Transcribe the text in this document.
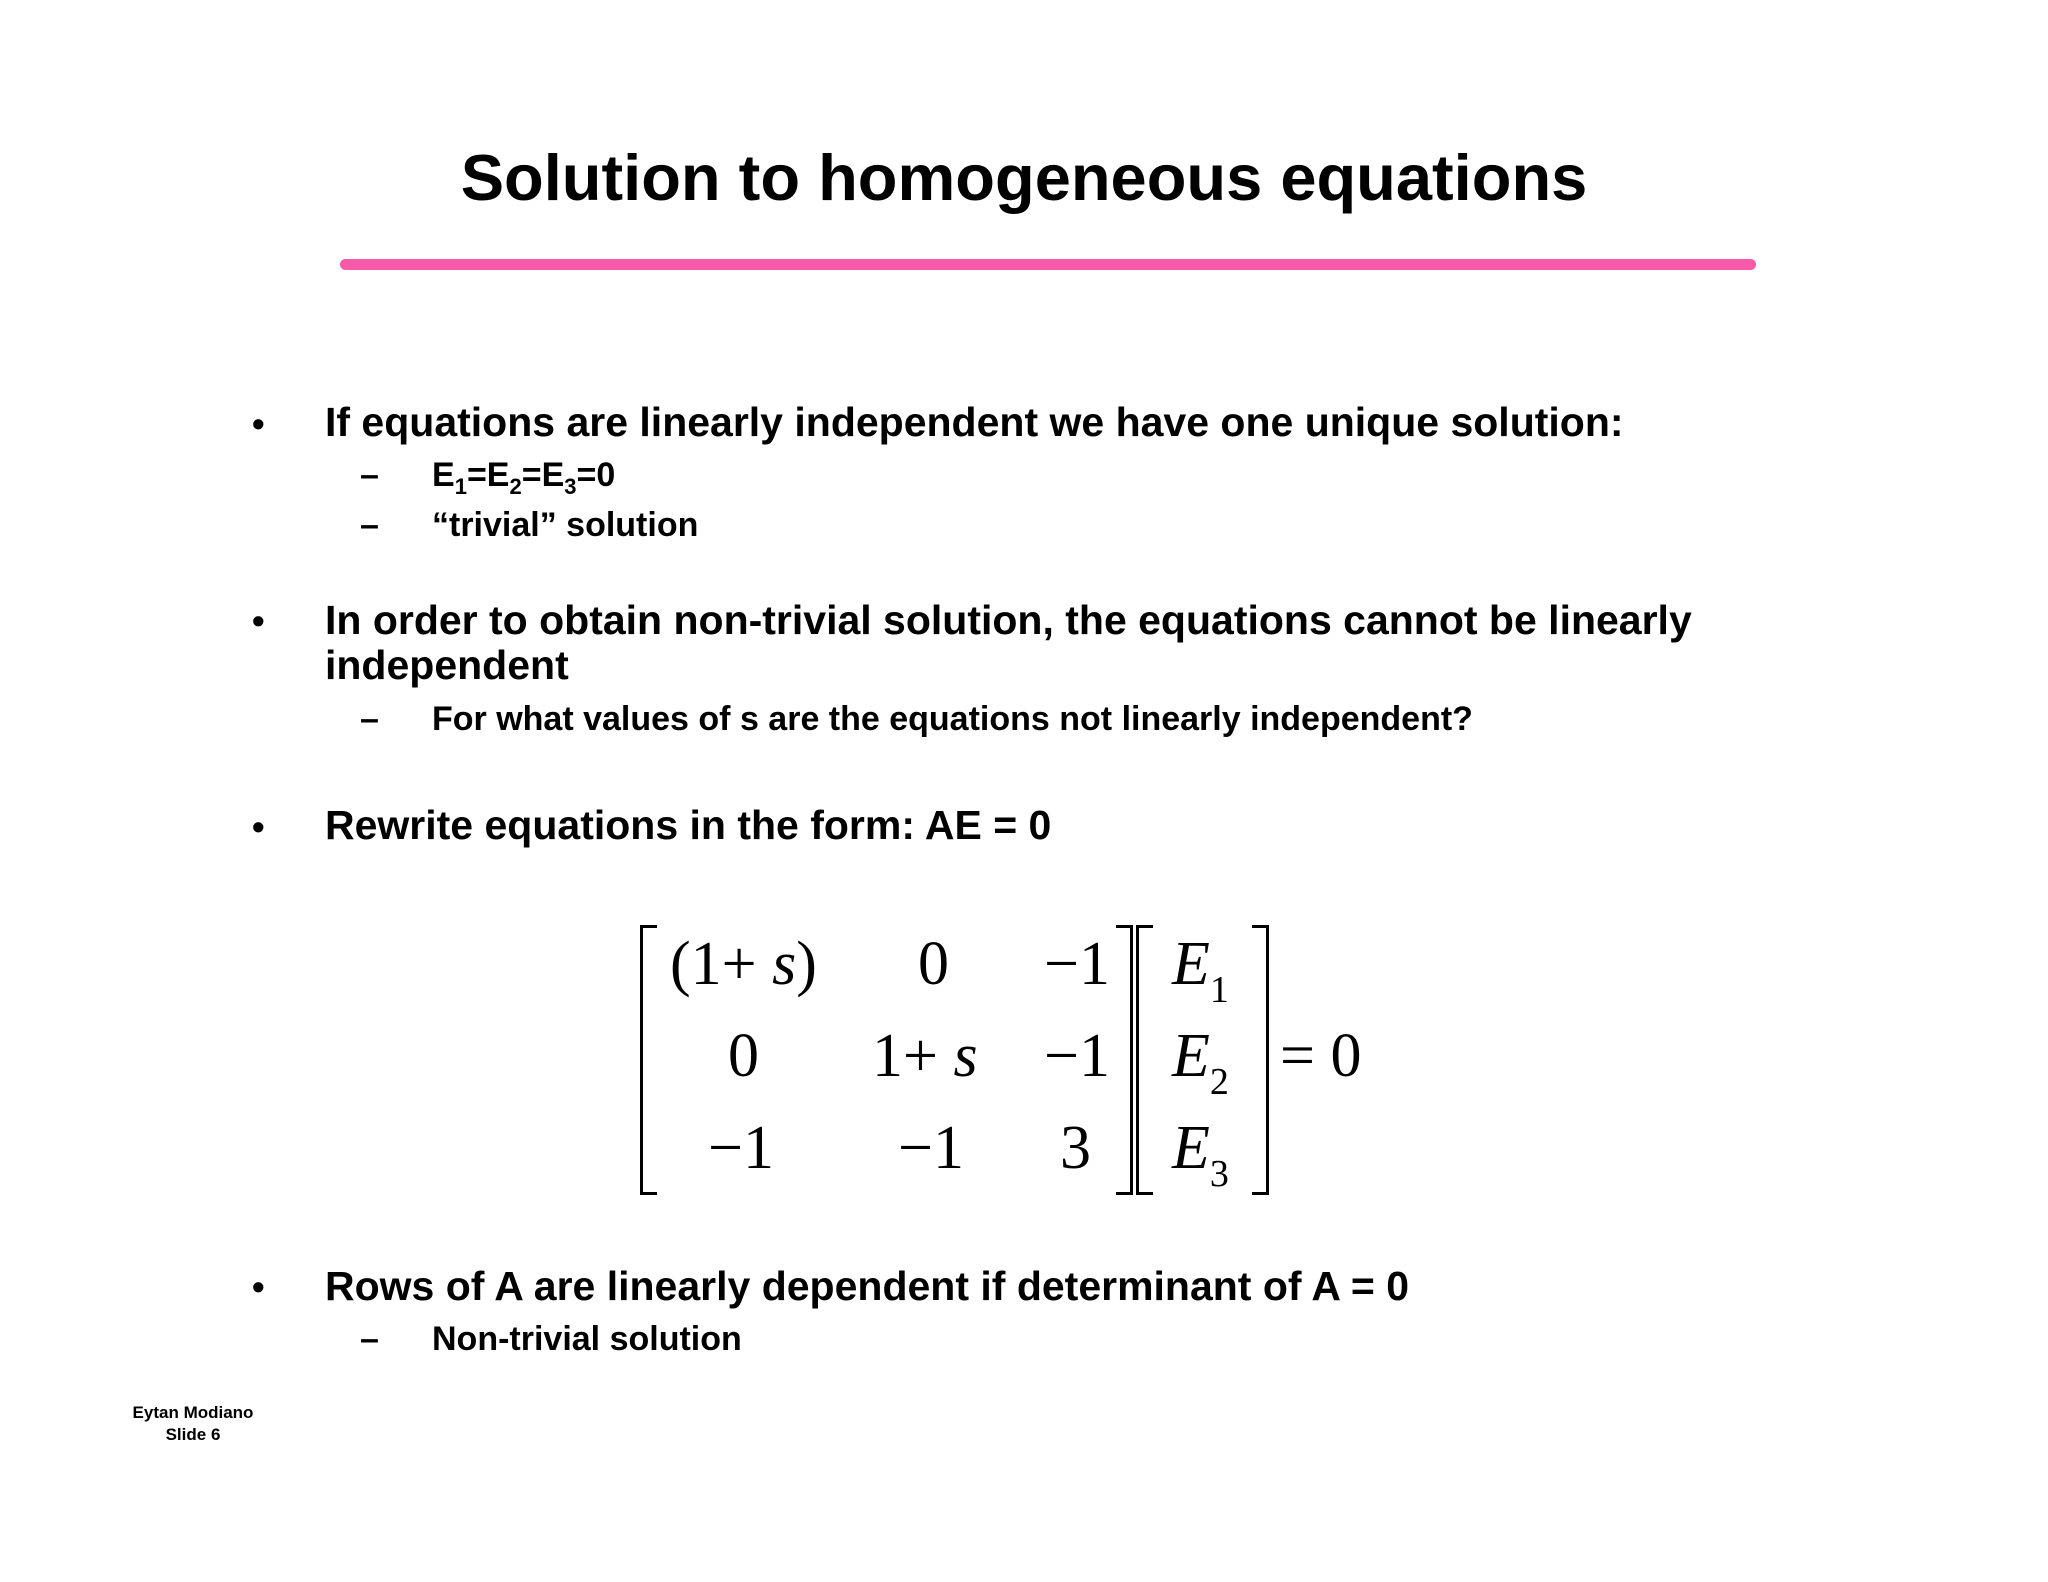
Solution to homogeneous equations
• If equations are linearly independent we have one unique solution:
– $E_1=E_2=E_3=0$
– “trivial” solution
• In order to obtain non-trivial solution, the equations cannot be linearly
independent
– For what values of s are the equations not linearly independent?
• Rewrite equations in the form: AE = 0
(1+ s) 0 −1
0 1+ s −1
−1 −1 3
$E_1$
$E_2$
$E_3$
= 0
• Rows of A are linearly dependent if determinant of A = 0
– Non-trivial solution
Eytan Modiano
Slide 6
